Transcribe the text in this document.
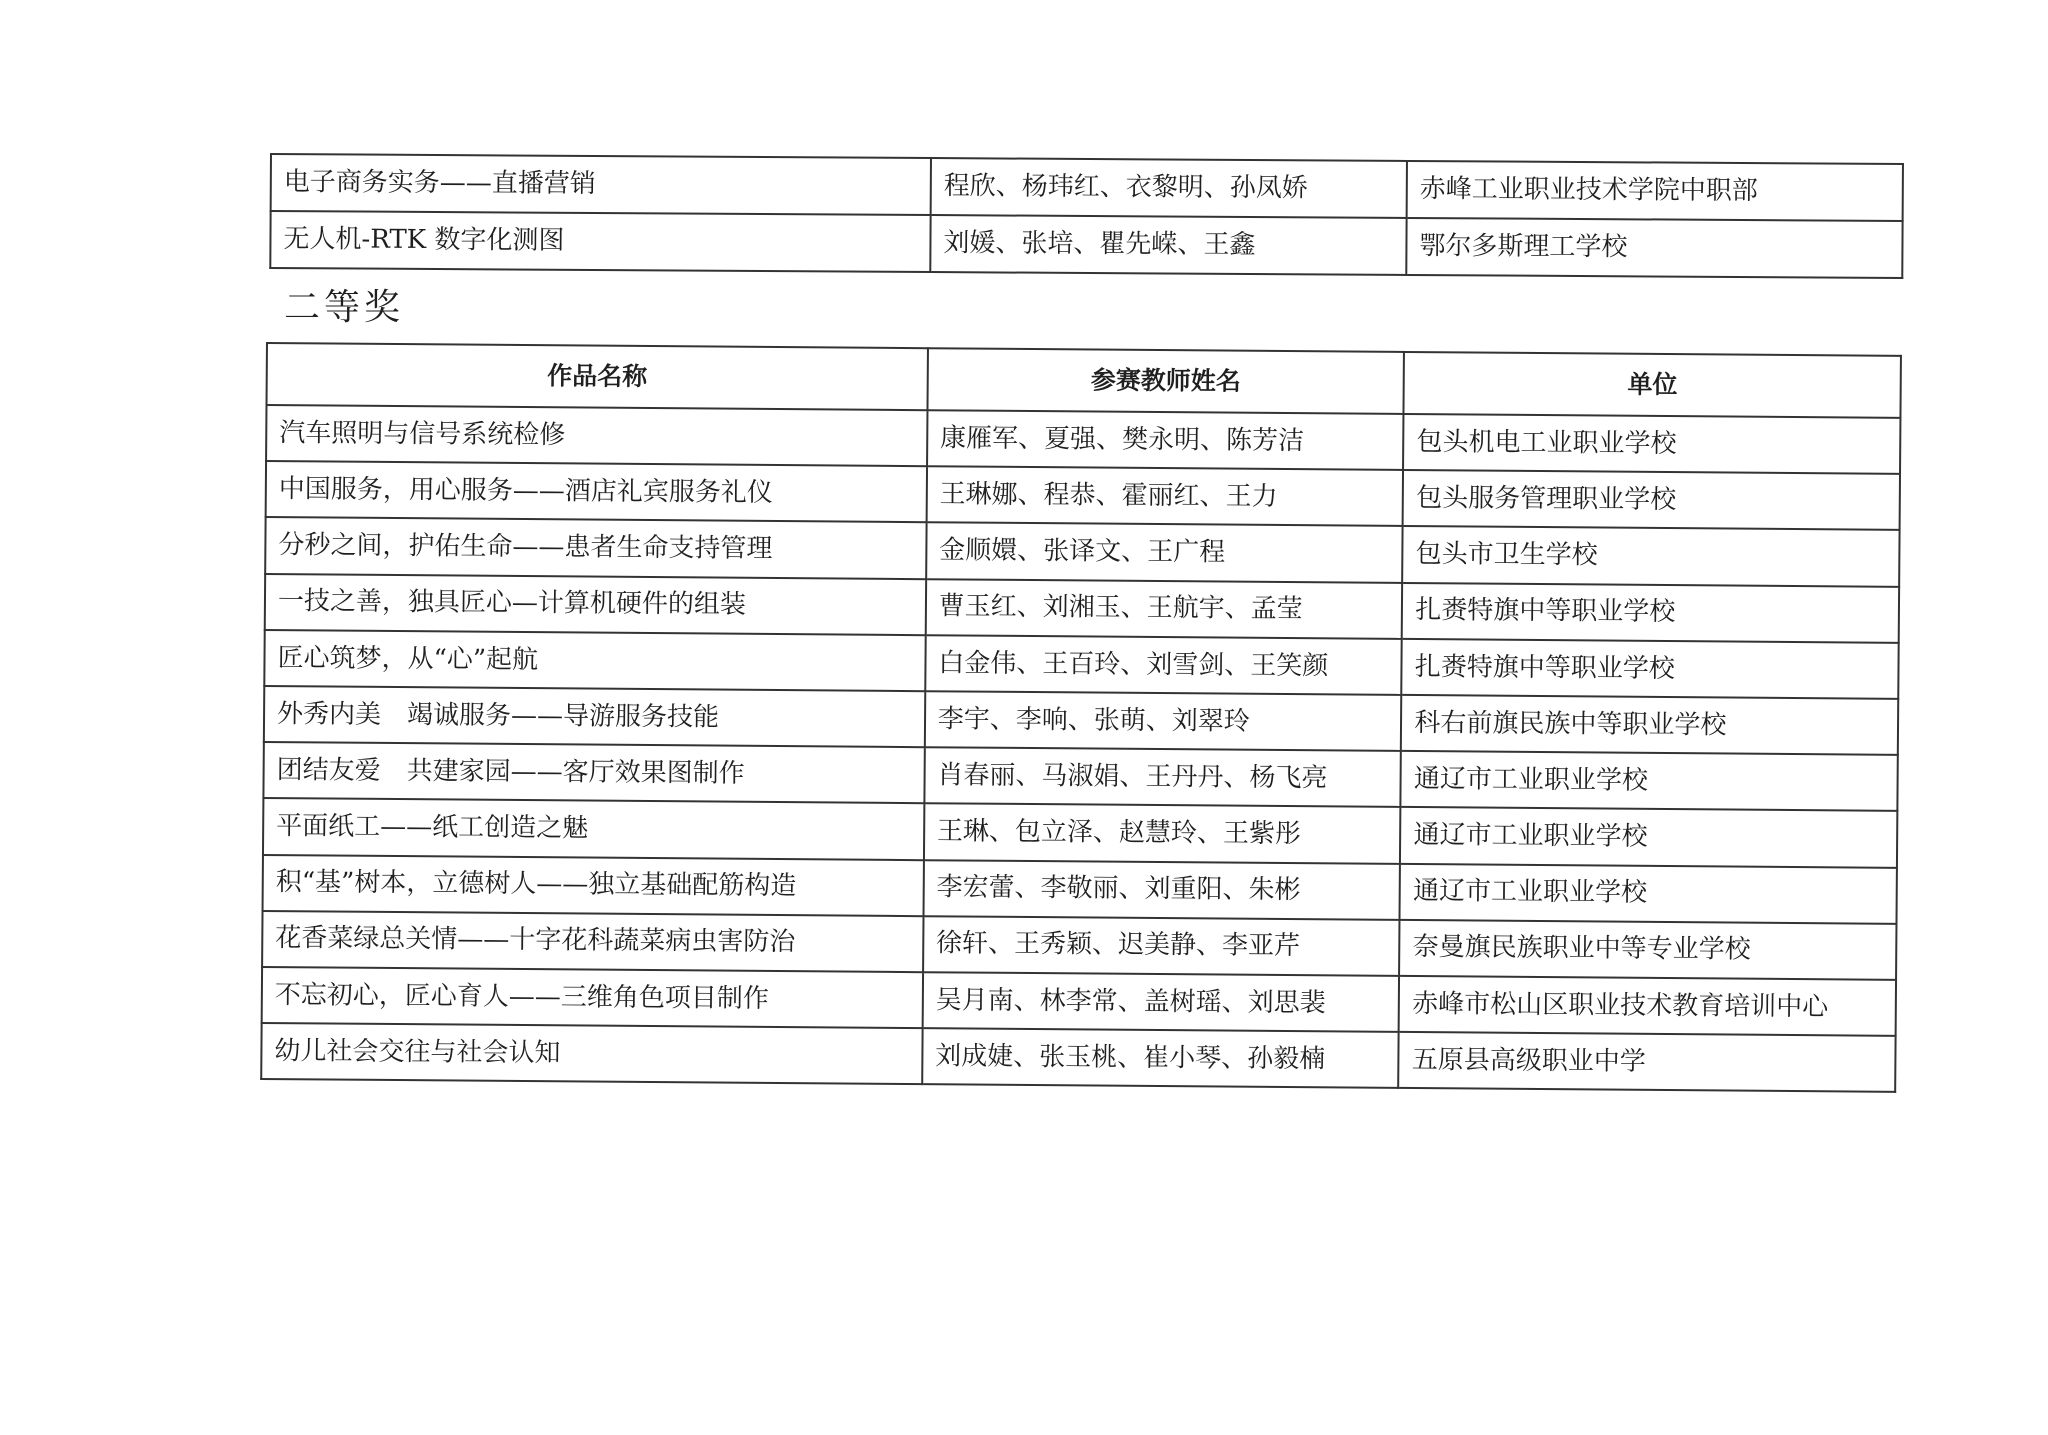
电子商务实务——直播营销	程欣、杨玮红、衣黎明、孙凤娇	赤峰工业职业技术学院中职部
无人机-RTK 数字化测图	刘媛、张培、瞿先嵘、王鑫	鄂尔多斯理工学校
二等奖
作品名称	参赛教师姓名	单位
汽车照明与信号系统检修	康雁军、夏强、樊永明、陈芳洁	包头机电工业职业学校
中国服务，用心服务——酒店礼宾服务礼仪	王琳娜、程恭、霍丽红、王力	包头服务管理职业学校
分秒之间，护佑生命——患者生命支持管理	金顺嬛、张译文、王广程	包头市卫生学校
一技之善，独具匠心—计算机硬件的组装	曹玉红、刘湘玉、王航宇、孟莹	扎赉特旗中等职业学校
匠心筑梦，从“心”起航	白金伟、王百玲、刘雪剑、王笑颜	扎赉特旗中等职业学校
外秀内美　竭诚服务——导游服务技能	李宇、李响、张萌、刘翠玲	科右前旗民族中等职业学校
团结友爱　共建家园——客厅效果图制作	肖春丽、马淑娟、王丹丹、杨飞亮	通辽市工业职业学校
平面纸工——纸工创造之魅	王琳、包立泽、赵慧玲、王紫彤	通辽市工业职业学校
积“基”树本，立德树人——独立基础配筋构造	李宏蕾、李敬丽、刘重阳、朱彬	通辽市工业职业学校
花香菜绿总关情——十字花科蔬菜病虫害防治	徐轩、王秀颖、迟美静、李亚芹	奈曼旗民族职业中等专业学校
不忘初心，匠心育人——三维角色项目制作	吴月南、林李常、盖树瑶、刘思裴	赤峰市松山区职业技术教育培训中心
幼儿社会交往与社会认知	刘成婕、张玉桃、崔小琴、孙毅楠	五原县高级职业中学
